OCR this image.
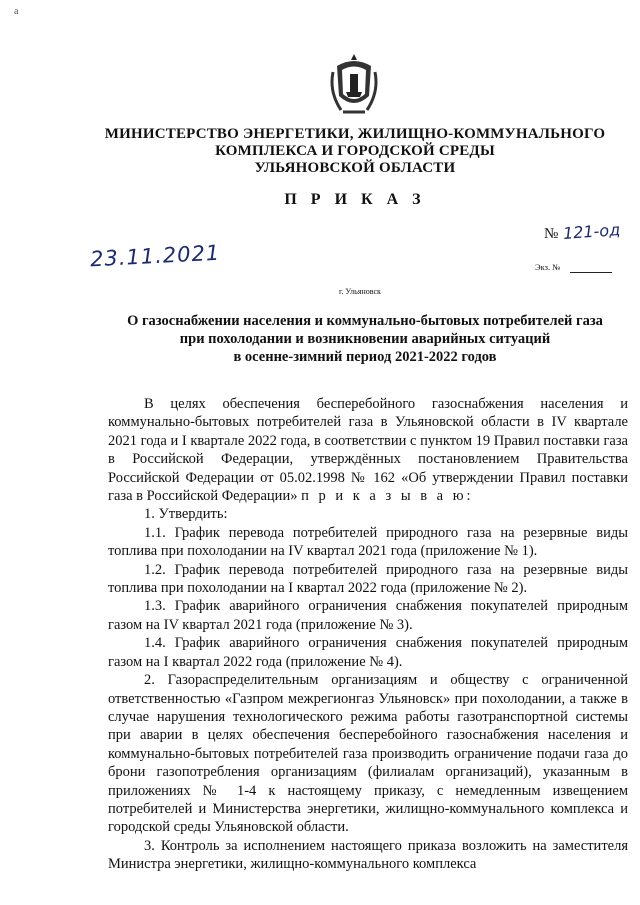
a
МИНИСТЕРСТВО ЭНЕРГЕТИКИ, ЖИЛИЩНО-КОММУНАЛЬНОГО
КОМПЛЕКСА И ГОРОДСКОЙ СРЕДЫ
УЛЬЯНОВСКОЙ ОБЛАСТИ
П Р И К А З
23.11.2021
№ 121-од
Экз. №
г. Ульяновск
О газоснабжении населения и коммунально-бытовых потребителей газа
при похолодании и возникновении аварийных ситуаций
в осенне-зимний период 2021-2022 годов

В целях обеспечения бесперебойного газоснабжения населения и коммунально-бытовых потребителей газа в Ульяновской области в IV квартале 2021 года и I квартале 2022 года, в соответствии с пунктом 19 Правил поставки газа в Российской Федерации, утверждённых постановлением Правительства Российской Федерации от 05.02.1998 № 162 «Об утверждении Правил поставки газа в Российской Федерации» п р и к а з ы в а ю:

1. Утвердить:

1.1. График перевода потребителей природного газа на резервные виды топлива при похолодании на IV квартал 2021 года (приложение № 1).

1.2. График перевода потребителей природного газа на резервные виды топлива при похолодании на I квартал 2022 года (приложение № 2).

1.3. График аварийного ограничения снабжения покупателей природным газом на IV квартал 2021 года (приложение № 3).

1.4. График аварийного ограничения снабжения покупателей природным газом на I квартал 2022 года (приложение № 4).

2. Газораспределительным организациям и обществу с ограниченной ответственностью «Газпром межрегионгаз Ульяновск» при похолодании, а также в случае нарушения технологического режима работы газотранспортной системы при аварии в целях обеспечения бесперебойного газоснабжения населения и коммунально-бытовых потребителей газа производить ограничение подачи газа до брони газопотребления организациям (филиалам организаций), указанным в приложениях № 1-4 к настоящему приказу, с немедленным извещением потребителей и Министерства энергетики, жилищно-коммунального комплекса и городской среды Ульяновской области.

3. Контроль за исполнением настоящего приказа возложить на заместителя Министра энергетики, жилищно-коммунального комплекса
